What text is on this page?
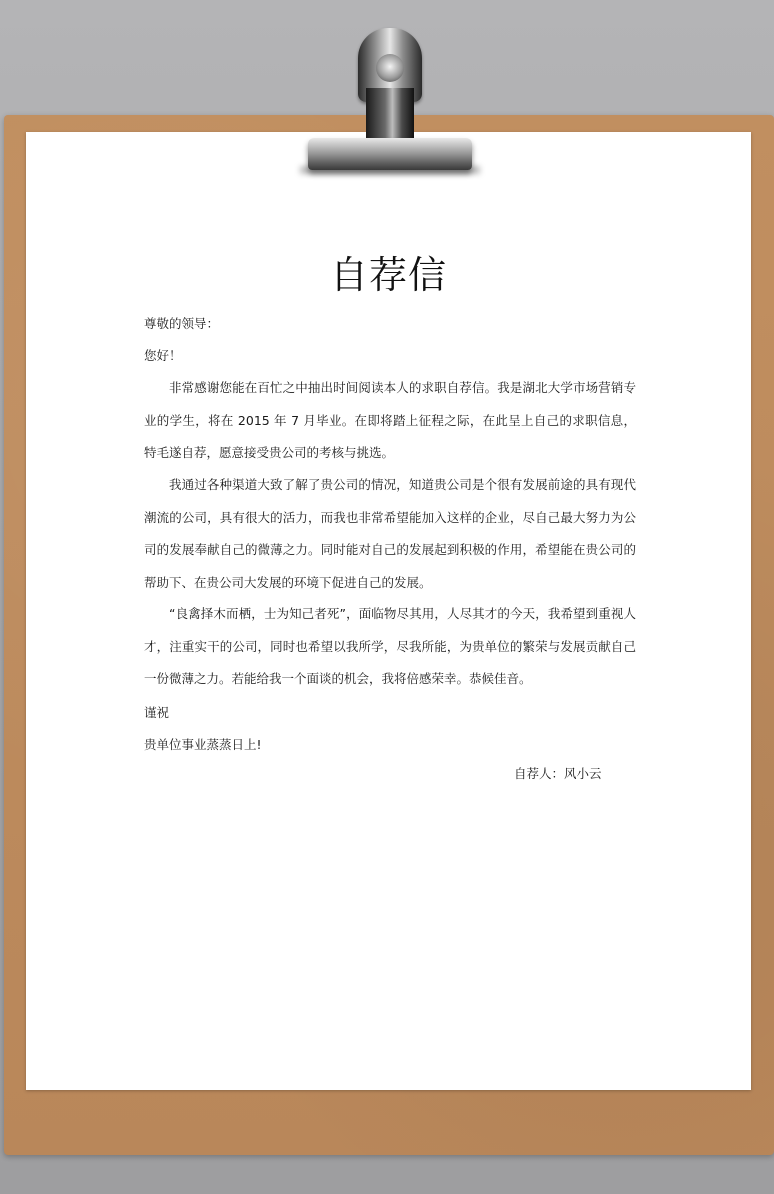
自荐信
尊敬的领导：
您好！
非常感谢您能在百忙之中抽出时间阅读本人的求职自荐信。我是湖北大学市场营销专业的学生，将在 2015 年 7 月毕业。在即将踏上征程之际，在此呈上自己的求职信息，特毛遂自荐，愿意接受贵公司的考核与挑选。
我通过各种渠道大致了解了贵公司的情况，知道贵公司是个很有发展前途的具有现代潮流的公司，具有很大的活力，而我也非常希望能加入这样的企业，尽自己最大努力为公司的发展奉献自己的微薄之力。同时能对自己的发展起到积极的作用，希望能在贵公司的帮助下、在贵公司大发展的环境下促进自己的发展。
“良禽择木而栖，士为知己者死”，面临物尽其用，人尽其才的今天，我希望到重视人才，注重实干的公司，同时也希望以我所学，尽我所能，为贵单位的繁荣与发展贡献自己一份微薄之力。若能给我一个面谈的机会，我将倍感荣幸。恭候佳音。
谨祝
贵单位事业蒸蒸日上!
自荐人：风小云
